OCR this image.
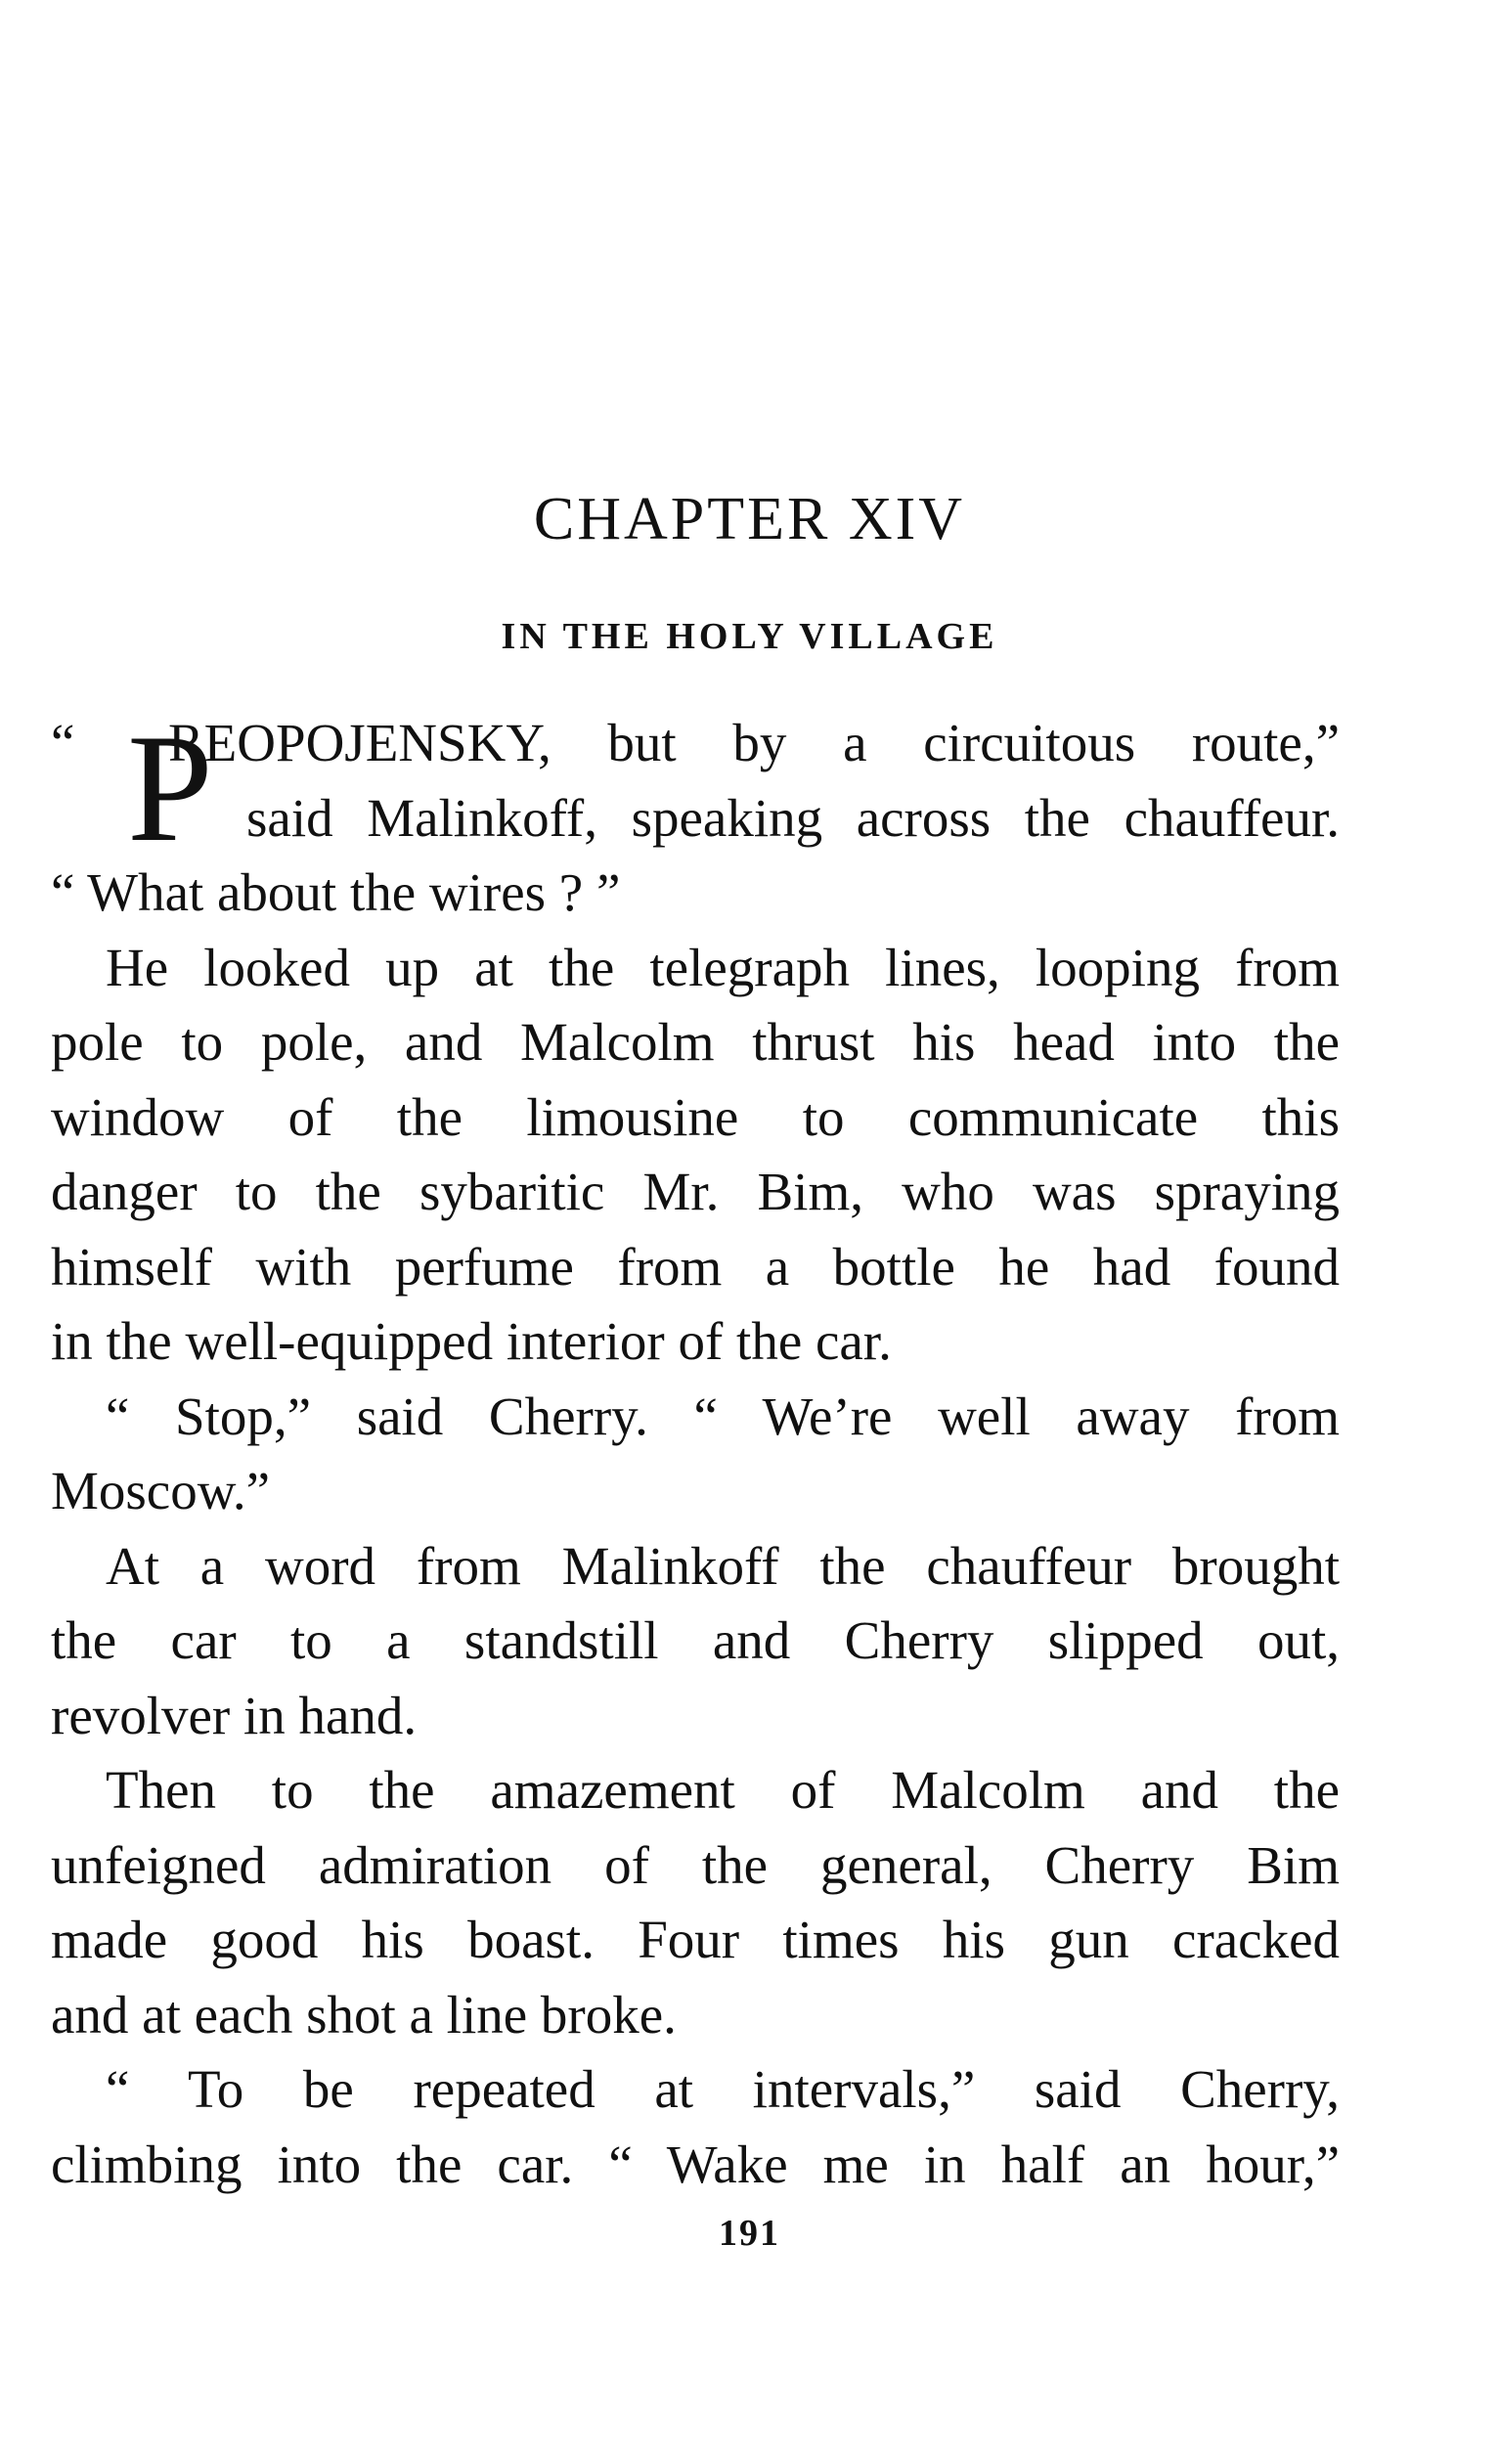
CHAPTER XIV
IN THE HOLY VILLAGE
“ P
REOPOJENSKY, but by a circuitous route,”
said Malinkoff, speaking across the chauffeur.
“ What about the wires ? ”
He looked up at the telegraph lines, looping from
pole to pole, and Malcolm thrust his head into the
window of the limousine to communicate this
danger to the sybaritic Mr. Bim, who was spraying
himself with perfume from a bottle he had found
in the well-equipped interior of the car.
“ Stop,” said Cherry. “ We’re well away from
Moscow.”
At a word from Malinkoff the chauffeur brought
the car to a standstill and Cherry slipped out,
revolver in hand.
Then to the amazement of Malcolm and the
unfeigned admiration of the general, Cherry Bim
made good his boast. Four times his gun cracked
and at each shot a line broke.
“ To be repeated at intervals,” said Cherry,
climbing into the car. “ Wake me in half an hour,”
191
